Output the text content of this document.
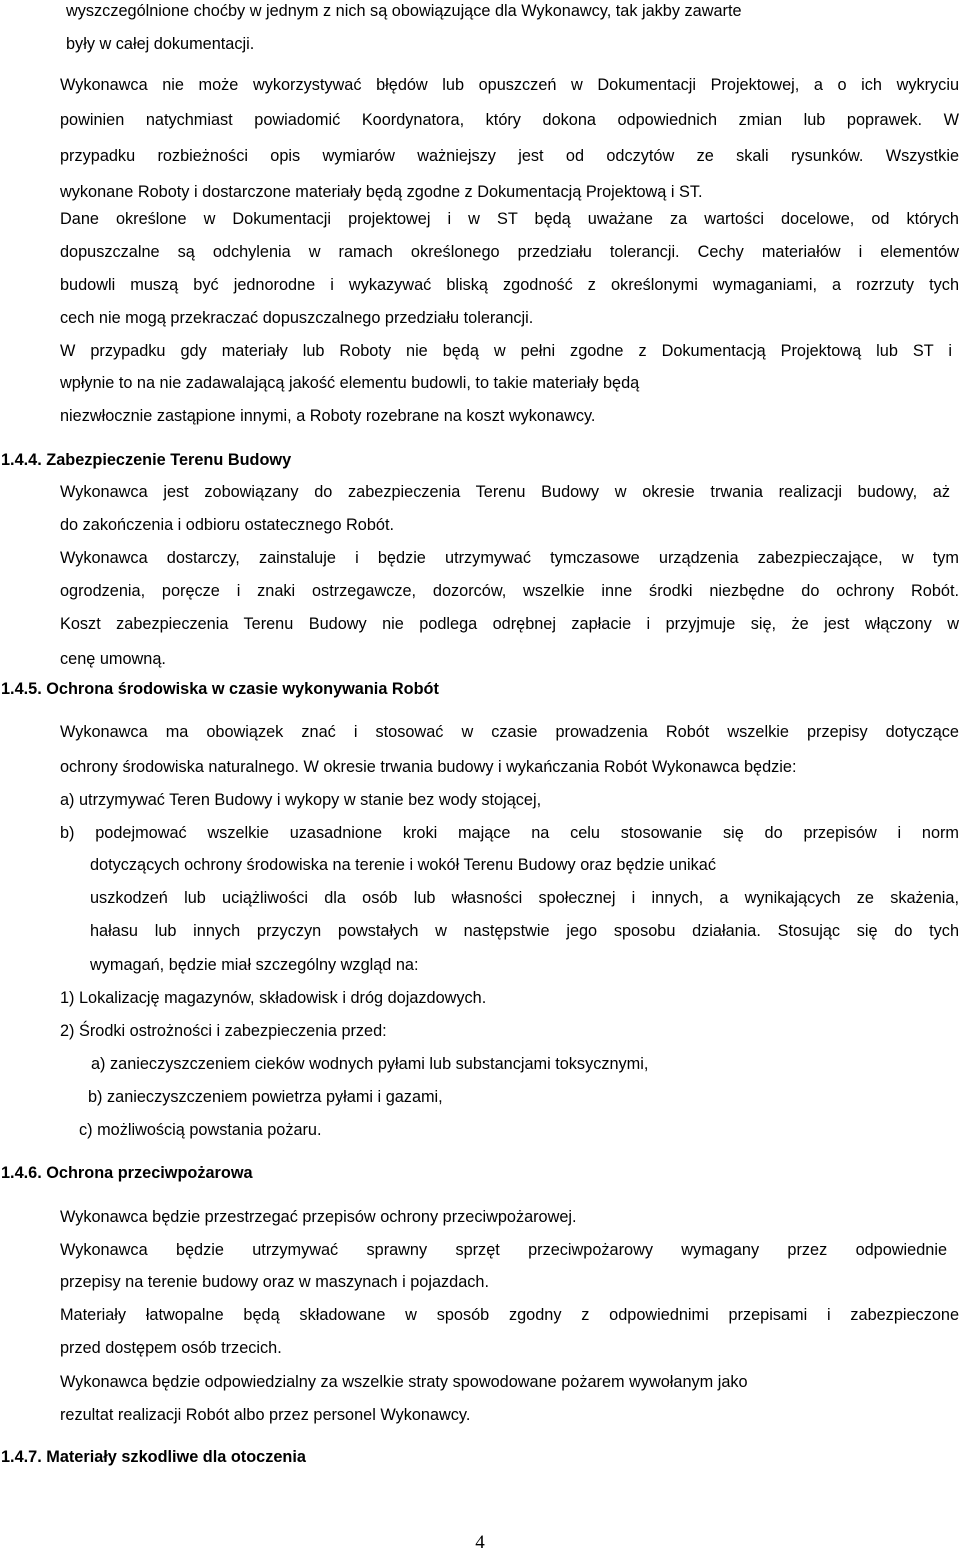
wyszczególnione choćby w jednym z nich są obowiązujące dla Wykonawcy, tak jakby zawarte
były w całej dokumentacji.
Wykonawca nie może wykorzystywać błędów lub opuszczeń w Dokumentacji Projektowej, a o ich wykryciu
powinien natychmiast powiadomić Koordynatora, który dokona odpowiednich zmian lub poprawek. W
przypadku rozbieżności opis wymiarów ważniejszy jest od odczytów ze skali rysunków. Wszystkie
wykonane Roboty i dostarczone materiały będą zgodne z Dokumentacją Projektową i ST.
Dane określone w Dokumentacji projektowej i w ST będą uważane za wartości docelowe, od których
dopuszczalne są odchylenia w ramach określonego przedziału tolerancji. Cechy materiałów i elementów
budowli muszą być jednorodne i wykazywać bliską zgodność z określonymi wymaganiami, a rozrzuty tych
cech nie mogą przekraczać dopuszczalnego przedziału tolerancji.
W przypadku gdy materiały lub Roboty nie będą w pełni zgodne z Dokumentacją Projektową lub ST i
wpłynie to na nie zadawalającą jakość elementu budowli, to takie materiały będą
niezwłocznie zastąpione innymi, a Roboty rozebrane na koszt wykonawcy.
1.4.4. Zabezpieczenie Terenu Budowy
Wykonawca jest zobowiązany do zabezpieczenia Terenu Budowy w okresie trwania realizacji budowy, aż
do zakończenia i odbioru ostatecznego Robót.
Wykonawca dostarczy, zainstaluje i będzie utrzymywać tymczasowe urządzenia zabezpieczające, w tym
ogrodzenia, poręcze i znaki ostrzegawcze, dozorców, wszelkie inne środki niezbędne do ochrony Robót.
Koszt zabezpieczenia Terenu Budowy nie podlega odrębnej zapłacie i przyjmuje się, że jest włączony w
cenę umowną.
1.4.5. Ochrona środowiska w czasie wykonywania Robót
Wykonawca ma obowiązek znać i stosować w czasie prowadzenia Robót wszelkie przepisy dotyczące
ochrony środowiska naturalnego. W okresie trwania budowy i wykańczania Robót Wykonawca będzie:
a) utrzymywać Teren Budowy i wykopy w stanie bez wody stojącej,
b) podejmować wszelkie uzasadnione kroki mające na celu stosowanie się do przepisów i norm
dotyczących ochrony środowiska na terenie i wokół Terenu Budowy oraz będzie unikać
uszkodzeń lub uciążliwości dla osób lub własności społecznej i innych, a wynikających ze skażenia,
hałasu lub innych przyczyn powstałych w następstwie jego sposobu działania. Stosując się do tych
wymagań, będzie miał szczególny wzgląd na:
1) Lokalizację magazynów, składowisk i dróg dojazdowych.
2) Środki ostrożności i zabezpieczenia przed:
a) zanieczyszczeniem cieków wodnych pyłami lub substancjami toksycznymi,
b) zanieczyszczeniem powietrza pyłami i gazami,
c) możliwością powstania pożaru.
1.4.6. Ochrona przeciwpożarowa
Wykonawca będzie przestrzegać przepisów ochrony przeciwpożarowej.
Wykonawca będzie utrzymywać sprawny sprzęt przeciwpożarowy wymagany przez odpowiednie
przepisy na terenie budowy oraz w maszynach i pojazdach.
Materiały łatwopalne będą składowane w sposób zgodny z odpowiednimi przepisami i zabezpieczone
przed dostępem osób trzecich.
Wykonawca będzie odpowiedzialny za wszelkie straty spowodowane pożarem wywołanym jako
rezultat realizacji Robót albo przez personel Wykonawcy.
1.4.7. Materiały szkodliwe dla otoczenia
4
